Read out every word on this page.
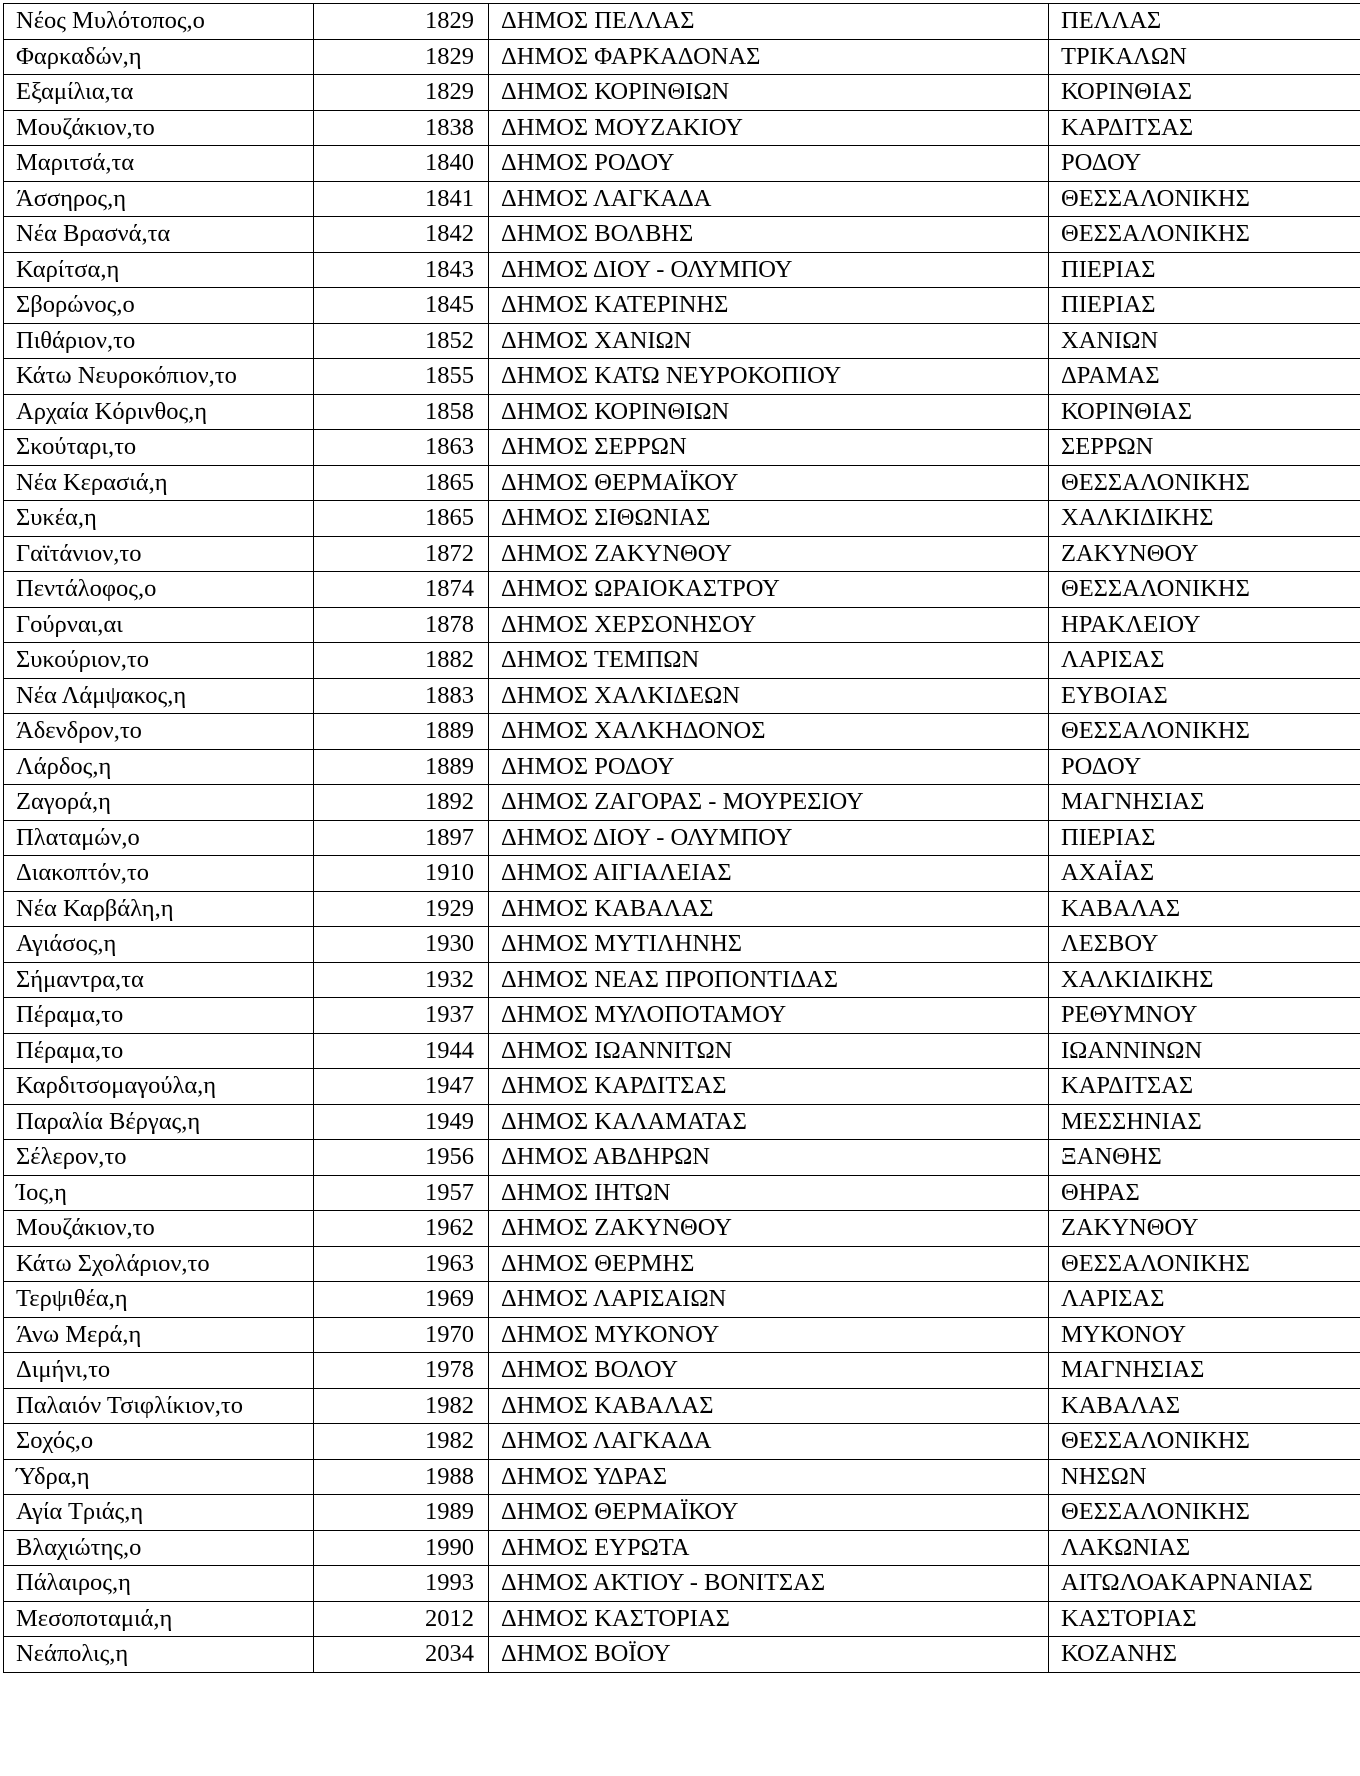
Νέος Μυλότοπος,ο	1829	ΔΗΜΟΣ ΠΕΛΛΑΣ	ΠΕΛΛΑΣ
Φαρκαδών,η	1829	ΔΗΜΟΣ ΦΑΡΚΑΔΟΝΑΣ	ΤΡΙΚΑΛΩΝ
Εξαμίλια,τα	1829	ΔΗΜΟΣ ΚΟΡΙΝΘΙΩΝ	ΚΟΡΙΝΘΙΑΣ
Μουζάκιον,το	1838	ΔΗΜΟΣ ΜΟΥΖΑΚΙΟΥ	ΚΑΡΔΙΤΣΑΣ
Μαριτσά,τα	1840	ΔΗΜΟΣ ΡΟΔΟΥ	ΡΟΔΟΥ
Άσσηρος,η	1841	ΔΗΜΟΣ ΛΑΓΚΑΔΑ	ΘΕΣΣΑΛΟΝΙΚΗΣ
Νέα Βρασνά,τα	1842	ΔΗΜΟΣ ΒΟΛΒΗΣ	ΘΕΣΣΑΛΟΝΙΚΗΣ
Καρίτσα,η	1843	ΔΗΜΟΣ ΔΙΟΥ - ΟΛΥΜΠΟΥ	ΠΙΕΡΙΑΣ
Σβορώνος,ο	1845	ΔΗΜΟΣ ΚΑΤΕΡΙΝΗΣ	ΠΙΕΡΙΑΣ
Πιθάριον,το	1852	ΔΗΜΟΣ ΧΑΝΙΩΝ	ΧΑΝΙΩΝ
Κάτω Νευροκόπιον,το	1855	ΔΗΜΟΣ ΚΑΤΩ ΝΕΥΡΟΚΟΠΙΟΥ	ΔΡΑΜΑΣ
Αρχαία Κόρινθος,η	1858	ΔΗΜΟΣ ΚΟΡΙΝΘΙΩΝ	ΚΟΡΙΝΘΙΑΣ
Σκούταρι,το	1863	ΔΗΜΟΣ ΣΕΡΡΩΝ	ΣΕΡΡΩΝ
Νέα Κερασιά,η	1865	ΔΗΜΟΣ ΘΕΡΜΑΪΚΟΥ	ΘΕΣΣΑΛΟΝΙΚΗΣ
Συκέα,η	1865	ΔΗΜΟΣ ΣΙΘΩΝΙΑΣ	ΧΑΛΚΙΔΙΚΗΣ
Γαϊτάνιον,το	1872	ΔΗΜΟΣ ΖΑΚΥΝΘΟΥ	ΖΑΚΥΝΘΟΥ
Πεντάλοφος,ο	1874	ΔΗΜΟΣ ΩΡΑΙΟΚΑΣΤΡΟΥ	ΘΕΣΣΑΛΟΝΙΚΗΣ
Γούρναι,αι	1878	ΔΗΜΟΣ ΧΕΡΣΟΝΗΣΟΥ	ΗΡΑΚΛΕΙΟΥ
Συκούριον,το	1882	ΔΗΜΟΣ ΤΕΜΠΩΝ	ΛΑΡΙΣΑΣ
Νέα Λάμψακος,η	1883	ΔΗΜΟΣ ΧΑΛΚΙΔΕΩΝ	ΕΥΒΟΙΑΣ
Άδενδρον,το	1889	ΔΗΜΟΣ ΧΑΛΚΗΔΟΝΟΣ	ΘΕΣΣΑΛΟΝΙΚΗΣ
Λάρδος,η	1889	ΔΗΜΟΣ ΡΟΔΟΥ	ΡΟΔΟΥ
Ζαγορά,η	1892	ΔΗΜΟΣ ΖΑΓΟΡΑΣ - ΜΟΥΡΕΣΙΟΥ	ΜΑΓΝΗΣΙΑΣ
Πλαταμών,ο	1897	ΔΗΜΟΣ ΔΙΟΥ - ΟΛΥΜΠΟΥ	ΠΙΕΡΙΑΣ
Διακοπτόν,το	1910	ΔΗΜΟΣ ΑΙΓΙΑΛΕΙΑΣ	ΑΧΑΪΑΣ
Νέα Καρβάλη,η	1929	ΔΗΜΟΣ ΚΑΒΑΛΑΣ	ΚΑΒΑΛΑΣ
Αγιάσος,η	1930	ΔΗΜΟΣ ΜΥΤΙΛΗΝΗΣ	ΛΕΣΒΟΥ
Σήμαντρα,τα	1932	ΔΗΜΟΣ ΝΕΑΣ ΠΡΟΠΟΝΤΙΔΑΣ	ΧΑΛΚΙΔΙΚΗΣ
Πέραμα,το	1937	ΔΗΜΟΣ ΜΥΛΟΠΟΤΑΜΟΥ	ΡΕΘΥΜΝΟΥ
Πέραμα,το	1944	ΔΗΜΟΣ ΙΩΑΝΝΙΤΩΝ	ΙΩΑΝΝΙΝΩΝ
Καρδιτσομαγούλα,η	1947	ΔΗΜΟΣ ΚΑΡΔΙΤΣΑΣ	ΚΑΡΔΙΤΣΑΣ
Παραλία Βέργας,η	1949	ΔΗΜΟΣ ΚΑΛΑΜΑΤΑΣ	ΜΕΣΣΗΝΙΑΣ
Σέλερον,το	1956	ΔΗΜΟΣ ΑΒΔΗΡΩΝ	ΞΑΝΘΗΣ
Ίος,η	1957	ΔΗΜΟΣ ΙΗΤΩΝ	ΘΗΡΑΣ
Μουζάκιον,το	1962	ΔΗΜΟΣ ΖΑΚΥΝΘΟΥ	ΖΑΚΥΝΘΟΥ
Κάτω Σχολάριον,το	1963	ΔΗΜΟΣ ΘΕΡΜΗΣ	ΘΕΣΣΑΛΟΝΙΚΗΣ
Τερψιθέα,η	1969	ΔΗΜΟΣ ΛΑΡΙΣΑΙΩΝ	ΛΑΡΙΣΑΣ
Άνω Μερά,η	1970	ΔΗΜΟΣ ΜΥΚΟΝΟΥ	ΜΥΚΟΝΟΥ
Διμήνι,το	1978	ΔΗΜΟΣ ΒΟΛΟΥ	ΜΑΓΝΗΣΙΑΣ
Παλαιόν Τσιφλίκιον,το	1982	ΔΗΜΟΣ ΚΑΒΑΛΑΣ	ΚΑΒΑΛΑΣ
Σοχός,ο	1982	ΔΗΜΟΣ ΛΑΓΚΑΔΑ	ΘΕΣΣΑΛΟΝΙΚΗΣ
Ύδρα,η	1988	ΔΗΜΟΣ ΥΔΡΑΣ	ΝΗΣΩΝ
Αγία Τριάς,η	1989	ΔΗΜΟΣ ΘΕΡΜΑΪΚΟΥ	ΘΕΣΣΑΛΟΝΙΚΗΣ
Βλαχιώτης,ο	1990	ΔΗΜΟΣ ΕΥΡΩΤΑ	ΛΑΚΩΝΙΑΣ
Πάλαιρος,η	1993	ΔΗΜΟΣ ΑΚΤΙΟΥ - ΒΟΝΙΤΣΑΣ	ΑΙΤΩΛΟΑΚΑΡΝΑΝΙΑΣ
Μεσοποταμιά,η	2012	ΔΗΜΟΣ ΚΑΣΤΟΡΙΑΣ	ΚΑΣΤΟΡΙΑΣ
Νεάπολις,η	2034	ΔΗΜΟΣ ΒΟΪΟΥ	ΚΟΖΑΝΗΣ
